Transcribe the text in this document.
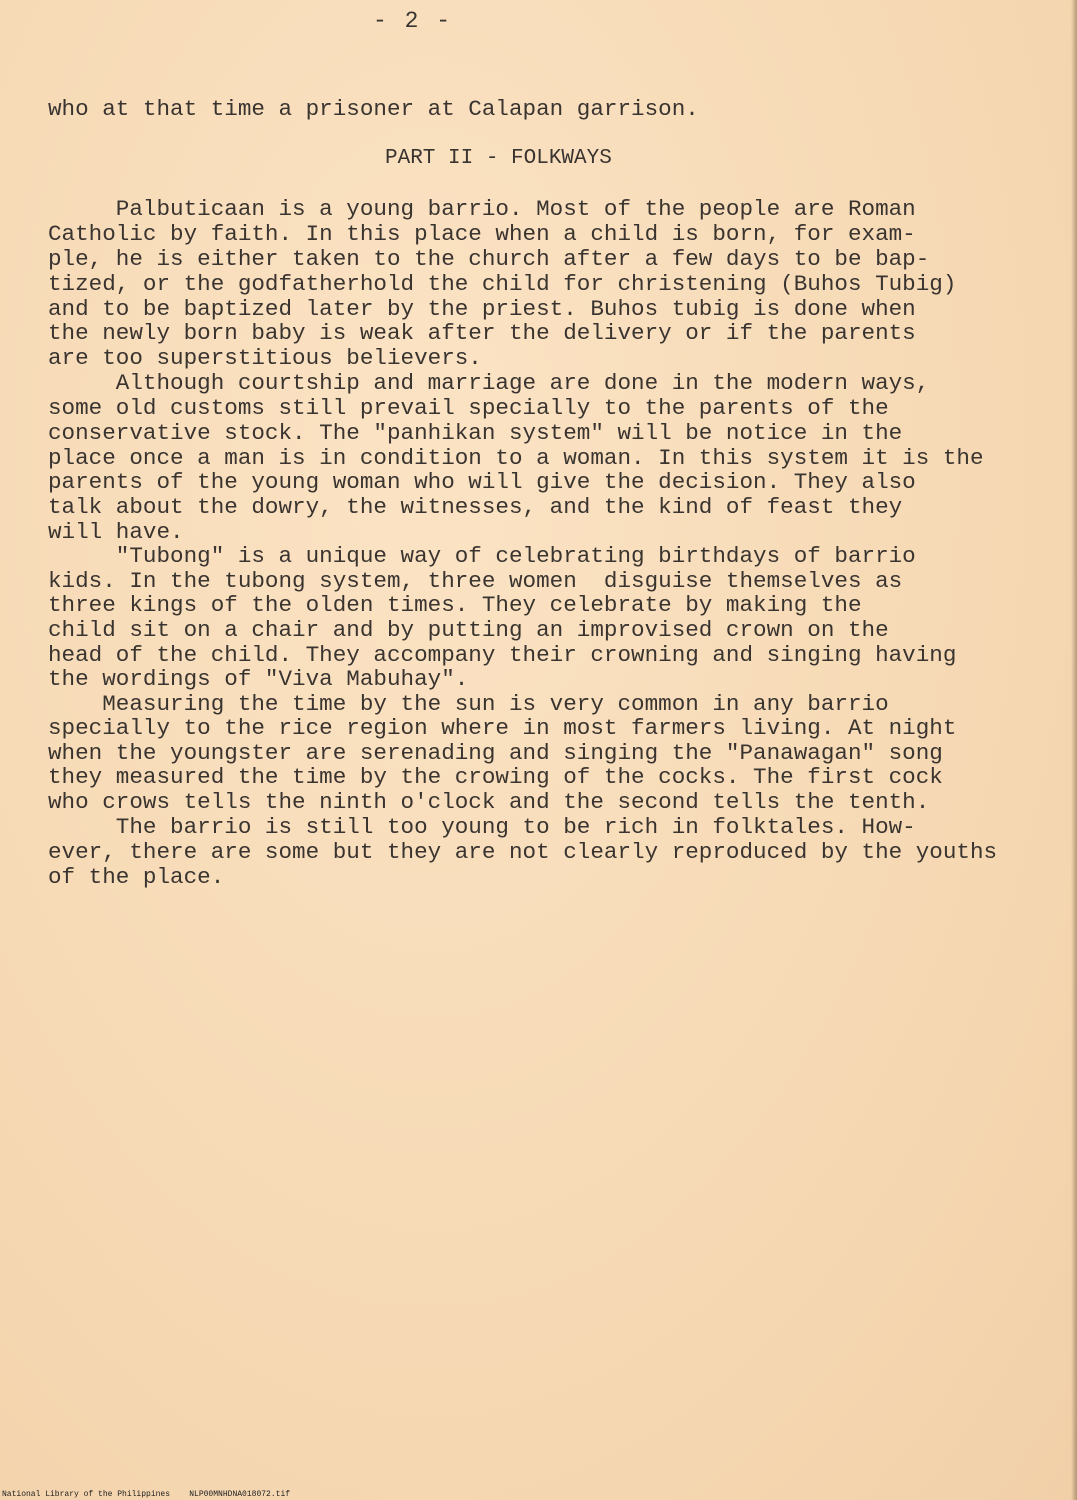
- 2 -
who at that time a prisoner at Calapan garrison.
PART II - FOLKWAYS
Palbuticaan is a young barrio. Most of the people are Roman
Catholic by faith. In this place when a child is born, for exam-
ple, he is either taken to the church after a few days to be bap-
tized, or the godfatherhold the child for christening (Buhos Tubig)
and to be baptized later by the priest. Buhos tubig is done when
the newly born baby is weak after the delivery or if the parents
are too superstitious believers.
Although courtship and marriage are done in the modern ways,
some old customs still prevail specially to the parents of the
conservative stock. The "panhikan system" will be notice in the
place once a man is in condition to a woman. In this system it is the
parents of the young woman who will give the decision. They also
talk about the dowry, the witnesses, and the kind of feast they
will have.
"Tubong" is a unique way of celebrating birthdays of barrio
kids. In the tubong system, three women  disguise themselves as
three kings of the olden times. They celebrate by making the
child sit on a chair and by putting an improvised crown on the
head of the child. They accompany their crowning and singing having
the wordings of "Viva Mabuhay".
Measuring the time by the sun is very common in any barrio
specially to the rice region where in most farmers living. At night
when the youngster are serenading and singing the "Panawagan" song
they measured the time by the crowing of the cocks. The first cock
who crows tells the ninth o'clock and the second tells the tenth.
The barrio is still too young to be rich in folktales. How-
ever, there are some but they are not clearly reproduced by the youths
of the place.
National Library of the Philippines    NLP00MNHDNA018072.tif
